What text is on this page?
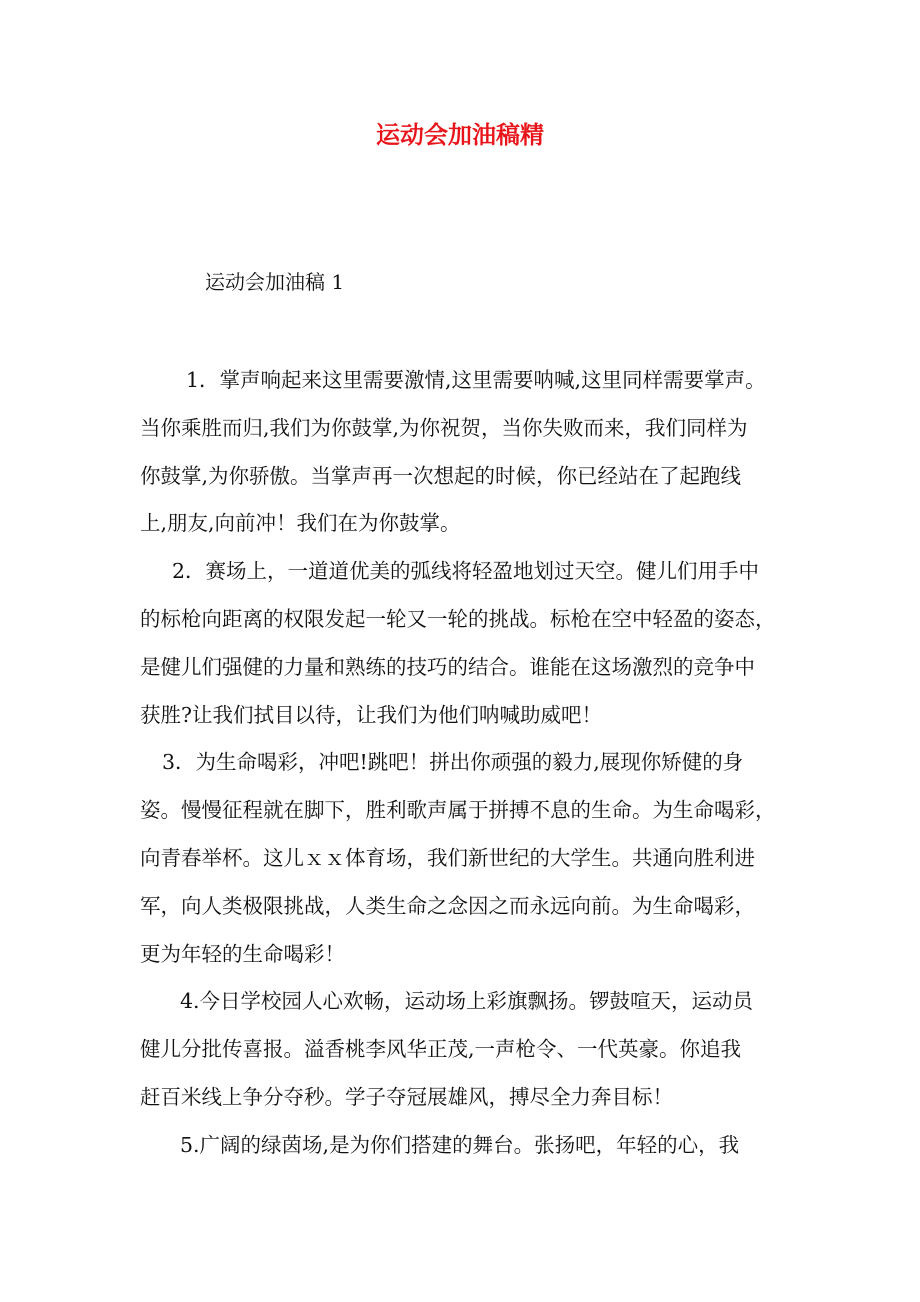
运动会加油稿精
运动会加油稿 1
1．掌声响起来这里需要激情,这里需要呐喊,这里同样需要掌声。
当你乘胜而归,我们为你鼓掌,为你祝贺，当你失败而来，我们同样为
你鼓掌,为你骄傲。当掌声再一次想起的时候，你已经站在了起跑线
上,朋友,向前冲！我们在为你鼓掌。
2．赛场上，一道道优美的弧线将轻盈地划过天空。健儿们用手中
的标枪向距离的权限发起一轮又一轮的挑战。标枪在空中轻盈的姿态，
是健儿们强健的力量和熟练的技巧的结合。谁能在这场激烈的竞争中
获胜?让我们拭目以待，让我们为他们呐喊助威吧！
3．为生命喝彩，冲吧!跳吧！拼出你顽强的毅力,展现你矫健的身
姿。慢慢征程就在脚下，胜利歌声属于拼搏不息的生命。为生命喝彩，
向青春举杯。这儿ｘｘ体育场，我们新世纪的大学生。共通向胜利进
军，向人类极限挑战，人类生命之念因之而永远向前。为生命喝彩，
更为年轻的生命喝彩！
4.今日学校园人心欢畅，运动场上彩旗飘扬。锣鼓喧天，运动员
健儿分批传喜报。溢香桃李风华正茂,一声枪令、一代英豪。你追我
赶百米线上争分夺秒。学子夺冠展雄风，搏尽全力奔目标！
5.广阔的绿茵场,是为你们搭建的舞台。张扬吧，年轻的心，我
